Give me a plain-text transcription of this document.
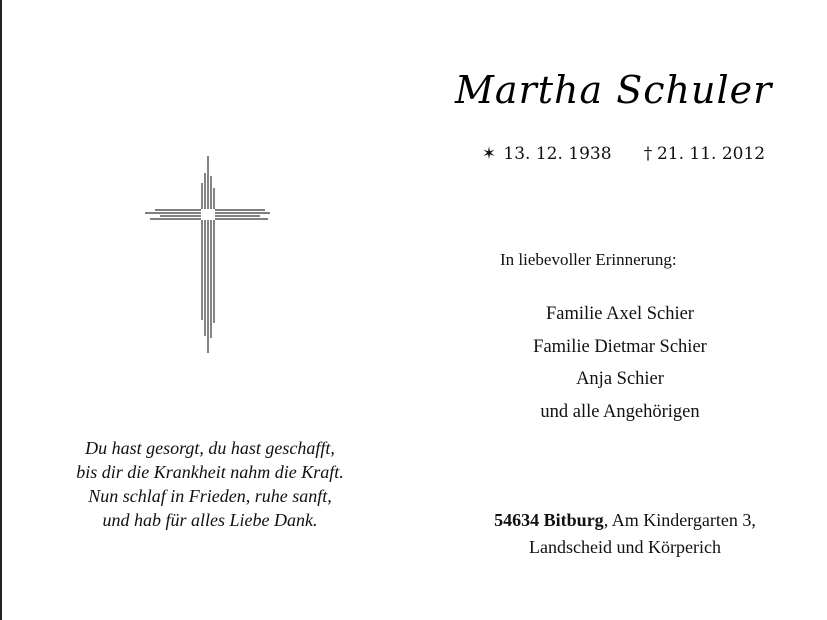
Martha Schuler
✶ 13. 12. 1938 † 21. 11. 2012
In liebevoller Erinnerung:
Familie Axel Schier
Familie Dietmar Schier
Anja Schier
und alle Angehörigen
Du hast gesorgt, du hast geschafft,
bis dir die Krankheit nahm die Kraft.
Nun schlaf in Frieden, ruhe sanft,
und hab für alles Liebe Dank.	54634 Bitburg, Am Kindergarten 3,
Landscheid und Körperich
